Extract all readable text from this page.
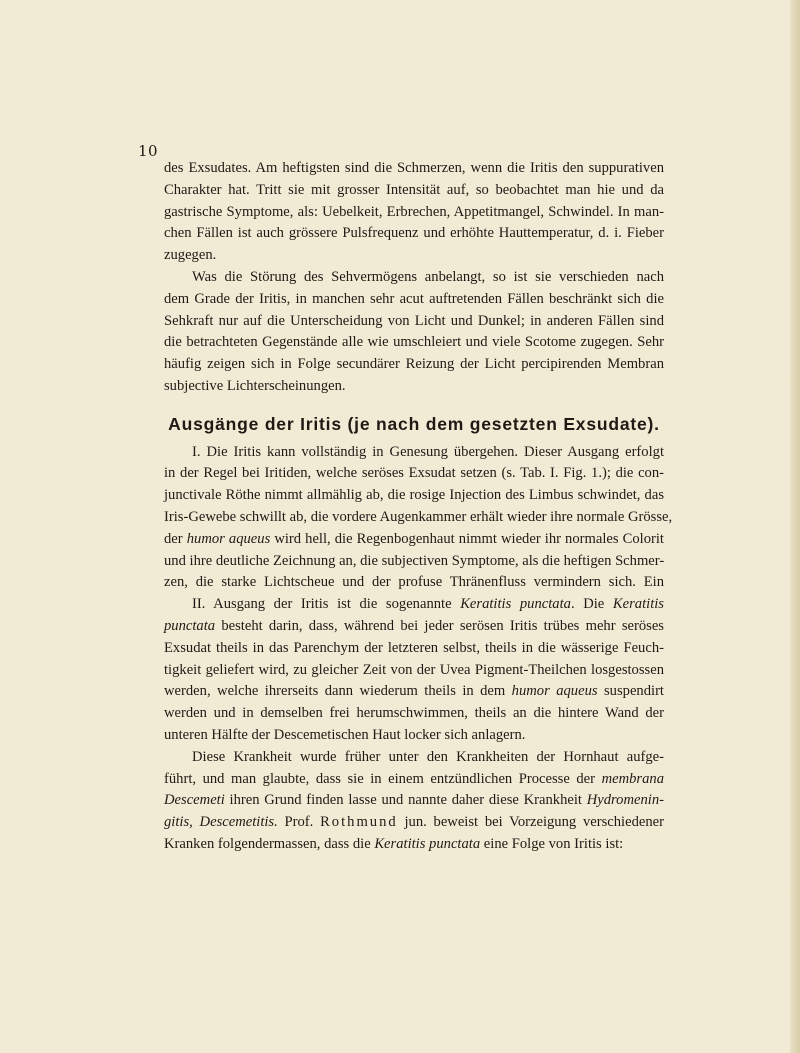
10
des Exsudates. Am heftigsten sind die Schmerzen, wenn die Iritis den suppurativen
Charakter hat. Tritt sie mit grosser Intensität auf, so beobachtet man hie und da
gastrische Symptome, als: Uebelkeit, Erbrechen, Appetitmangel, Schwindel. In man-
chen Fällen ist auch grössere Pulsfrequenz und erhöhte Hauttemperatur, d. i. Fieber
zugegen.
Was die Störung des Sehvermögens anbelangt, so ist sie verschieden nach
dem Grade der Iritis, in manchen sehr acut auftretenden Fällen beschränkt sich die
Sehkraft nur auf die Unterscheidung von Licht und Dunkel; in anderen Fällen sind
die betrachteten Gegenstände alle wie umschleiert und viele Scotome zugegen. Sehr
häufig zeigen sich in Folge secundärer Reizung der Licht percipirenden Membran
subjective Lichterscheinungen.
Ausgänge der Iritis (je nach dem gesetzten Exsudate).
I. Die Iritis kann vollständig in Genesung übergehen. Dieser Ausgang erfolgt
in der Regel bei Iritiden, welche seröses Exsudat setzen (s. Tab. I. Fig. 1.); die con-
junctivale Röthe nimmt allmählig ab, die rosige Injection des Limbus schwindet, das
Iris-Gewebe schwillt ab, die vordere Augenkammer erhält wieder ihre normale Grösse,
der humor aqueus wird hell, die Regenbogenhaut nimmt wieder ihr normales Colorit
und ihre deutliche Zeichnung an, die subjectiven Symptome, als die heftigen Schmer-
zen, die starke Lichtscheue und der profuse Thränenfluss vermindern sich. Ein
II. Ausgang der Iritis ist die sogenannte Keratitis punctata. Die Keratitis
punctata besteht darin, dass, während bei jeder serösen Iritis trübes mehr seröses
Exsudat theils in das Parenchym der letzteren selbst, theils in die wässerige Feuch-
tigkeit geliefert wird, zu gleicher Zeit von der Uvea Pigment-Theilchen losgestossen
werden, welche ihrerseits dann wiederum theils in dem humor aqueus suspendirt
werden und in demselben frei herumschwimmen, theils an die hintere Wand der
unteren Hälfte der Descemetischen Haut locker sich anlagern.
Diese Krankheit wurde früher unter den Krankheiten der Hornhaut aufge-
führt, und man glaubte, dass sie in einem entzündlichen Processe der membrana
Descemeti ihren Grund finden lasse und nannte daher diese Krankheit Hydromenin-
gitis, Descemetitis. Prof. Rothmund jun. beweist bei Vorzeigung verschiedener
Kranken folgendermassen, dass die Keratitis punctata eine Folge von Iritis ist:
